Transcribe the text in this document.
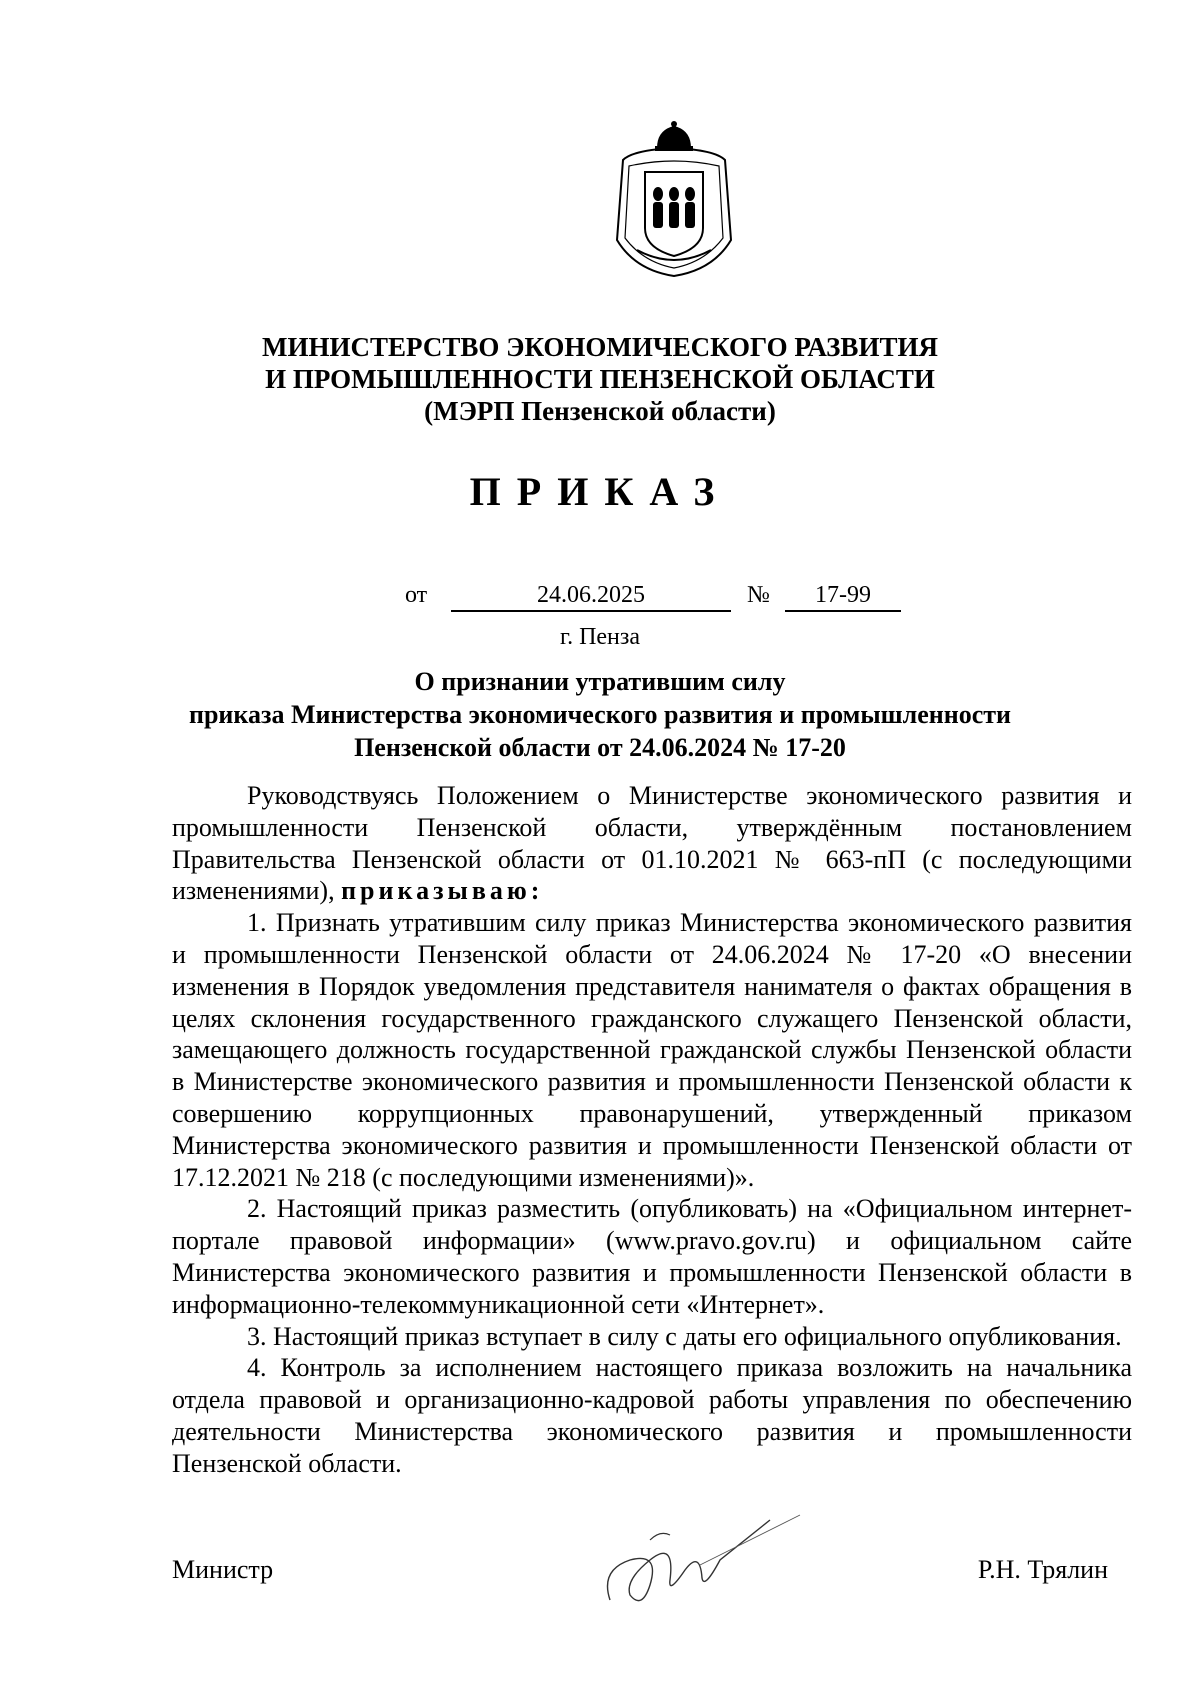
МИНИСТЕРСТВО ЭКОНОМИЧЕСКОГО РАЗВИТИЯ
И ПРОМЫШЛЕННОСТИ ПЕНЗЕНСКОЙ ОБЛАСТИ
(МЭРП Пензенской области)
ПРИКАЗ
от	24.06.2025	№	17-99
г. Пенза
О признании утратившим силу
приказа Министерства экономического развития и промышленности
Пензенской области от 24.06.2024 № 17-20

Руководствуясь Положением о Министерстве экономического развития и промышленности Пензенской области, утверждённым постановлением Правительства Пензенской области от 01.10.2021 № 663-пП (с последующими изменениями), приказываю:

1. Признать утратившим силу приказ Министерства экономического развития и промышленности Пензенской области от 24.06.2024 № 17-20 «О внесении изменения в Порядок уведомления представителя нанимателя о фактах обращения в целях склонения государственного гражданского служащего Пензенской области, замещающего должность государственной гражданской службы Пензенской области в Министерстве экономического развития и промышленности Пензенской области к совершению коррупционных правонарушений, утвержденный приказом Министерства экономического развития и промышленности Пензенской области от 17.12.2021 № 218 (с последующими изменениями)».

2. Настоящий приказ разместить (опубликовать) на «Официальном интернет-портале правовой информации» (www.pravo.gov.ru) и официальном сайте Министерства экономического развития и промышленности Пензенской области в информационно-телекоммуникационной сети «Интернет».

3. Настоящий приказ вступает в силу с даты его официального опубликования.

4. Контроль за исполнением настоящего приказа возложить на начальника отдела правовой и организационно-кадровой работы управления по обеспечению деятельности Министерства экономического развития и промышленности Пензенской области.

Министр	Р.Н. Трялин
